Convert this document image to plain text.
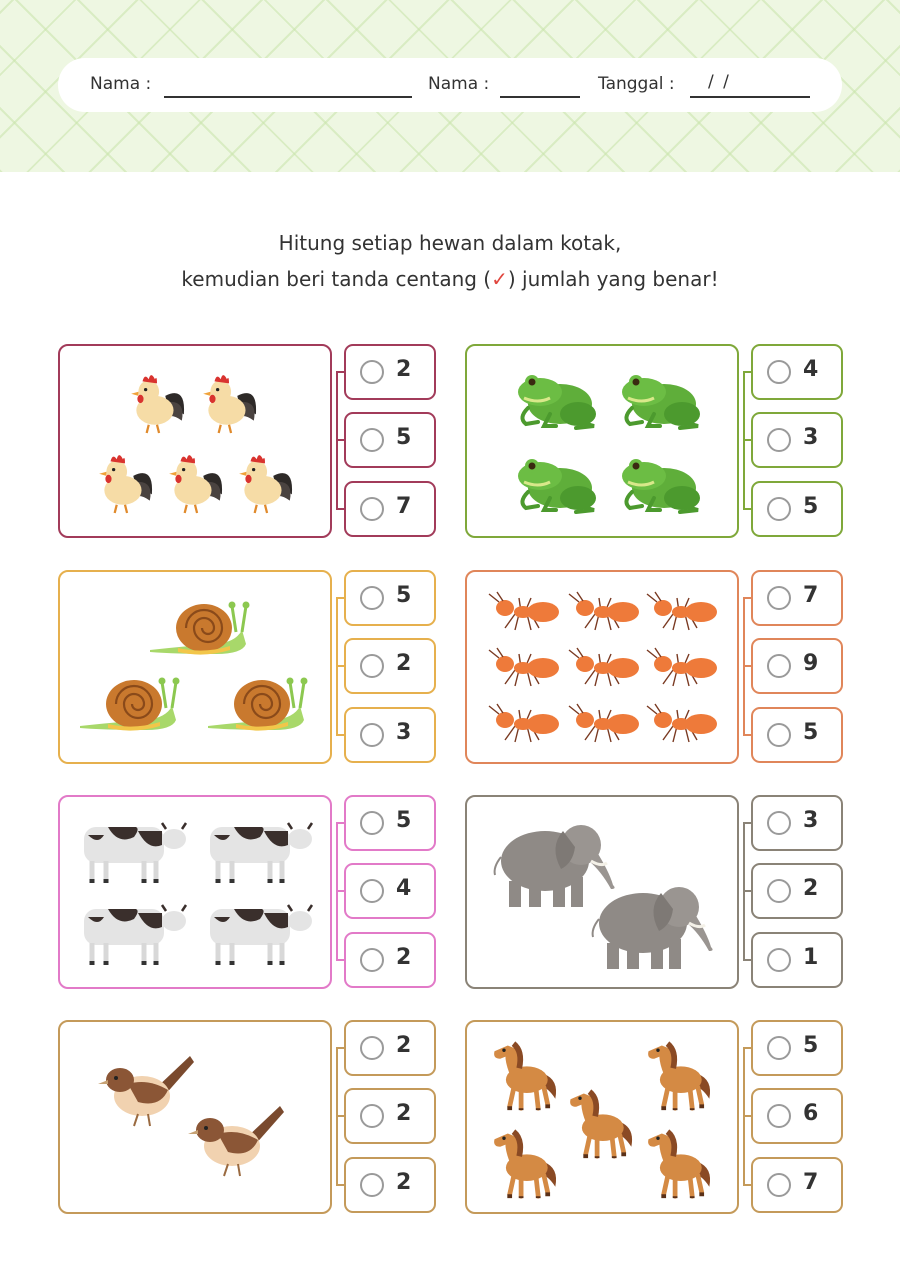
Nama :	Nama :	Tanggal : / /
Hitung setiap hewan dalam kotak,
kemudian beri tanda centang (✓) jumlah yang benar!
2
5
7
4
3
5
5
2
3
7
9
5
5
4
2
3
2
1
2
2
2
5
6
7
